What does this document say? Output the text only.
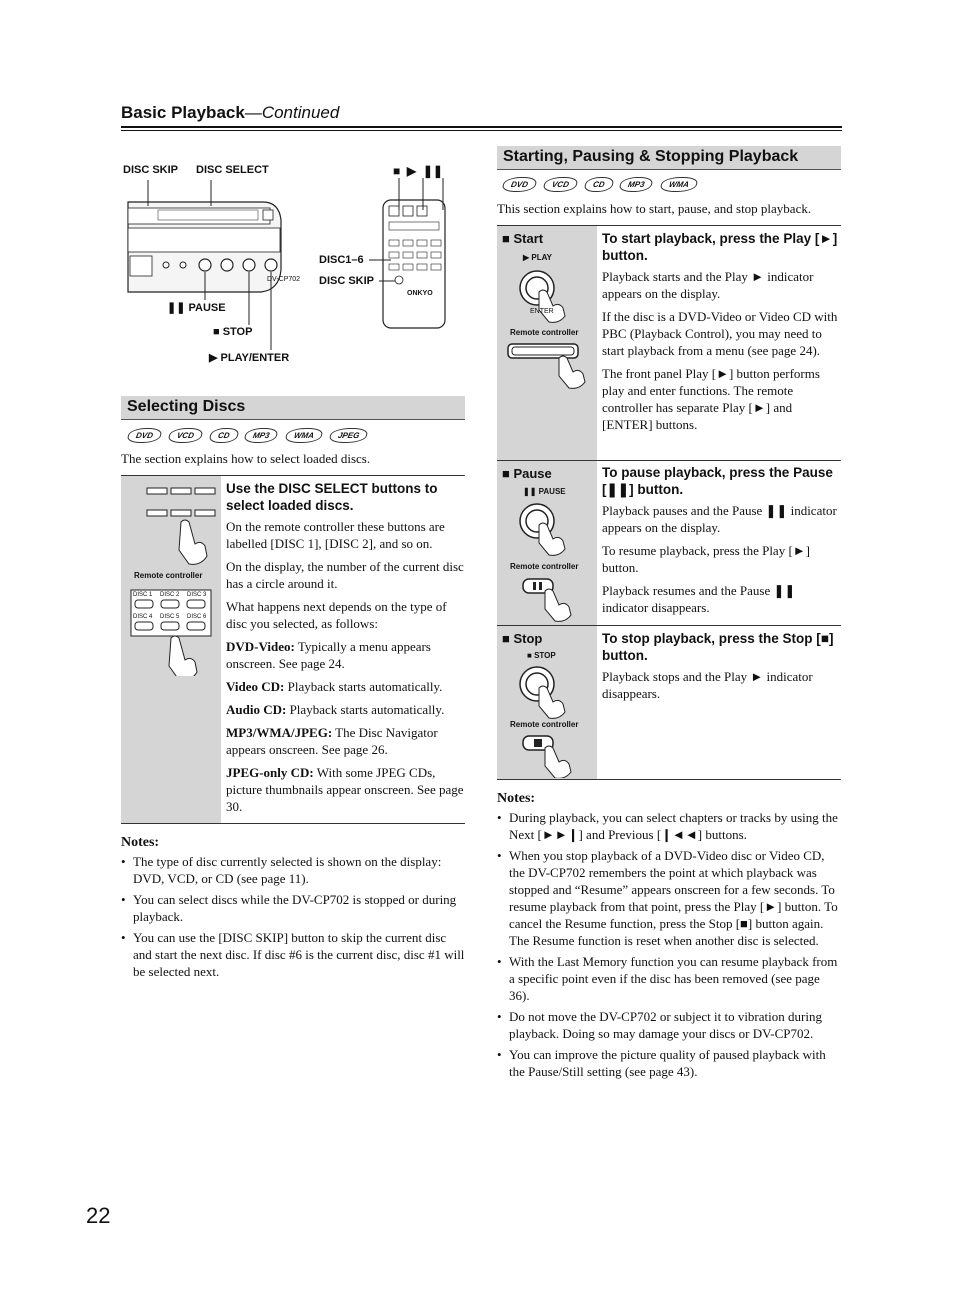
Basic Playback—Continued
DISC SKIP DISC SELECT
❚❚ PAUSE
■ STOP
▶ PLAY/ENTER
DISC1–6
DISC SKIP
DV-CP702
ONKYO
■  ▶  ❚❚
Selecting Discs
DVD	VCD	CD	MP3	WMA	JPEG
The section explains how to select loaded discs.
Remote controller
DISC 1 DISC 2 DISC 3
DISC 4 DISC 5 DISC 6
Use the DISC SELECT buttons to select loaded discs.

On the remote controller these buttons are labelled [DISC 1], [DISC 2], and so on.

On the display, the number of the current disc has a circle around it.

What happens next depends on the type of disc you selected, as follows:

DVD-Video: Typically a menu appears onscreen. See page 24.

Video CD: Playback starts automatically.

Audio CD: Playback starts automatically.

MP3/WMA/JPEG: The Disc Navigator appears onscreen. See page 26.

JPEG-only CD: With some JPEG CDs, picture thumbnails appear onscreen. See page 30.

Notes:
• The type of disc currently selected is shown on the display: DVD, VCD, or CD (see page 11).
• You can select discs while the DV-CP702 is stopped or during playback.
• You can use the [DISC SKIP] button to skip the current disc and start the next disc. If disc #6 is the current disc, disc #1 will be selected next.
Starting, Pausing & Stopping Playback
DVD	VCD	CD	MP3	WMA
This section explains how to start, pause, and stop playback.
■ Start
▶ PLAY
ENTER
Remote controller
To start playback, press the Play [►] button.

Playback starts and the Play ► indicator appears on the display.

If the disc is a DVD-Video or Video CD with PBC (Playback Control), you may need to start playback from a menu (see page 24).

The front panel Play [►] button performs play and enter functions. The remote controller has separate Play [►] and [ENTER] buttons.

■ Pause
❚❚ PAUSE
Remote controller
To pause playback, press the Pause [❚❚] button.

Playback pauses and the Pause ❚❚ indicator appears on the display.

To resume playback, press the Play [►] button.

Playback resumes and the Pause ❚❚ indicator disappears.

■ Stop
■ STOP
Remote controller
To stop playback, press the Stop [■] button.

Playback stops and the Play ► indicator disappears.

Notes:
• During playback, you can select chapters or tracks by using the Next [►►❙] and Previous [❙◄◄] buttons.
• When you stop playback of a DVD-Video disc or Video CD, the DV-CP702 remembers the point at which playback was stopped and “Resume” appears onscreen for a few seconds. To resume playback from that point, press the Play [►] button. To cancel the Resume function, press the Stop [■] button again. The Resume function is reset when another disc is selected.
• With the Last Memory function you can resume playback from a specific point even if the disc has been removed (see page 36).
• Do not move the DV-CP702 or subject it to vibration during playback. Doing so may damage your discs or DV-CP702.
• You can improve the picture quality of paused playback with the Pause/Still setting (see page 43).
22
